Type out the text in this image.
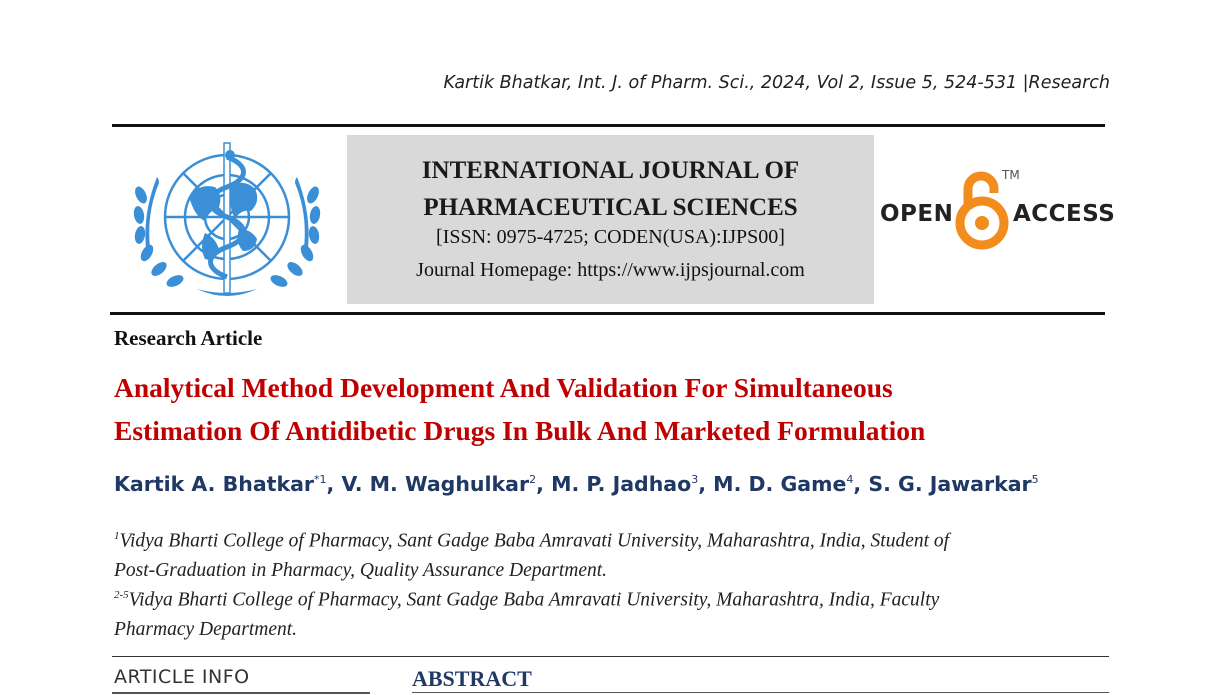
Kartik Bhatkar, Int. J. of Pharm. Sci., 2024, Vol 2, Issue 5, 524-531 |Research
INTERNATIONAL JOURNAL OF
PHARMACEUTICAL SCIENCES
[ISSN: 0975-4725; CODEN(USA):IJPS00]
Journal Homepage: https://www.ijpsjournal.com
OPEN
TM
ACCESS
Research Article
Analytical Method Development And Validation For Simultaneous
Estimation Of Antidibetic Drugs In Bulk And Marketed Formulation
Kartik A. Bhatkar$^{*1}$, V. M. Waghulkar$^2$, M. P. Jadhao$^3$, M. D. Game$^4$, S. G. Jawarkar$^5$
$^1$Vidya Bharti College of Pharmacy, Sant Gadge Baba Amravati University, Maharashtra, India, Student of
Post-Graduation in Pharmacy, Quality Assurance Department.
$^{2-5}$Vidya Bharti College of Pharmacy, Sant Gadge Baba Amravati University, Maharashtra, India, Faculty
Pharmacy Department.
ARTICLE INFO	ABSTRACT
